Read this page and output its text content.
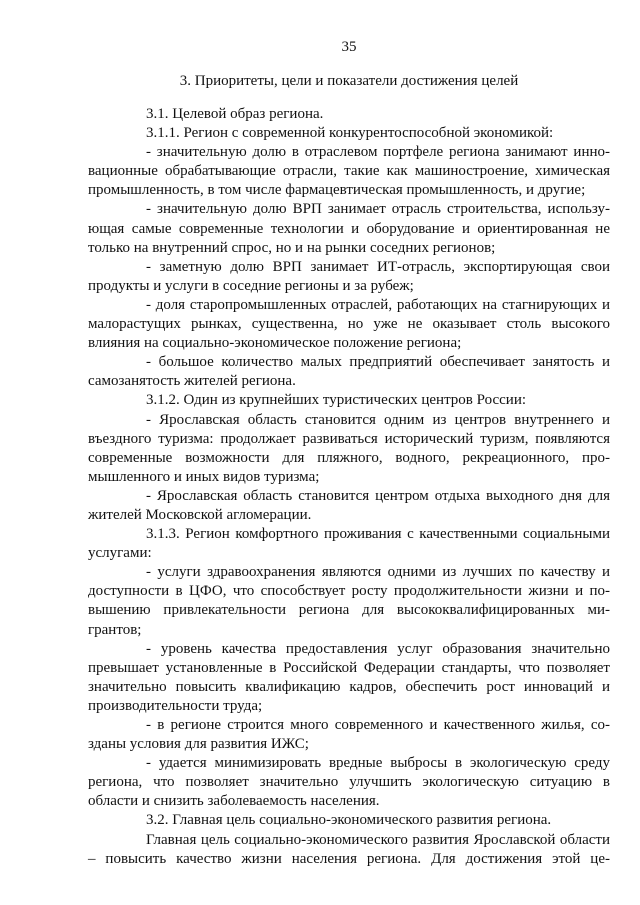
35
3. Приоритеты, цели и показатели достижения целей

3.1. Целевой образ региона.

3.1.1. Регион с современной конкурентоспособной экономикой:

- значительную долю в отраслевом портфеле региона занимают инновационные обрабатывающие отрасли, такие как машиностроение, химическая промышленность, в том числе фармацевтическая промышленность, и другие;

- значительную долю ВРП занимает отрасль строительства, использующая самые современные технологии и оборудование и ориентированная не только на внутренний спрос, но и на рынки соседних регионов;

- заметную долю ВРП занимает ИТ-отрасль, экспортирующая свои продукты и услуги в соседние регионы и за рубеж;

- доля старопромышленных отраслей, работающих на стагнирующих и малорастущих рынках, существенна, но уже не оказывает столь высокого влияния на социально-экономическое положение региона;

- большое количество малых предприятий обеспечивает занятость и самозанятость жителей региона.

3.1.2. Один из крупнейших туристических центров России:

- Ярославская область становится одним из центров внутреннего и въездного туризма: продолжает развиваться исторический туризм, появляются современные возможности для пляжного, водного, рекреационного, промышленного и иных видов туризма;

- Ярославская область становится центром отдыха выходного дня для жителей Московской агломерации.

3.1.3. Регион комфортного проживания с качественными социальными услугами:

- услуги здравоохранения являются одними из лучших по качеству и доступности в ЦФО, что способствует росту продолжительности жизни и повышению привлекательности региона для высококвалифицированных мигрантов;

- уровень качества предоставления услуг образования значительно превышает установленные в Российской Федерации стандарты, что позволяет значительно повысить квалификацию кадров, обеспечить рост инноваций и производительности труда;

- в регионе строится много современного и качественного жилья, созданы условия для развития ИЖС;

- удается минимизировать вредные выбросы в экологическую среду региона, что позволяет значительно улучшить экологическую ситуацию в области и снизить заболеваемость населения.

3.2. Главная цель социально-экономического развития региона.

Главная цель социально-экономического развития Ярославской области – повысить качество жизни населения региона. Для достижения этой це-
